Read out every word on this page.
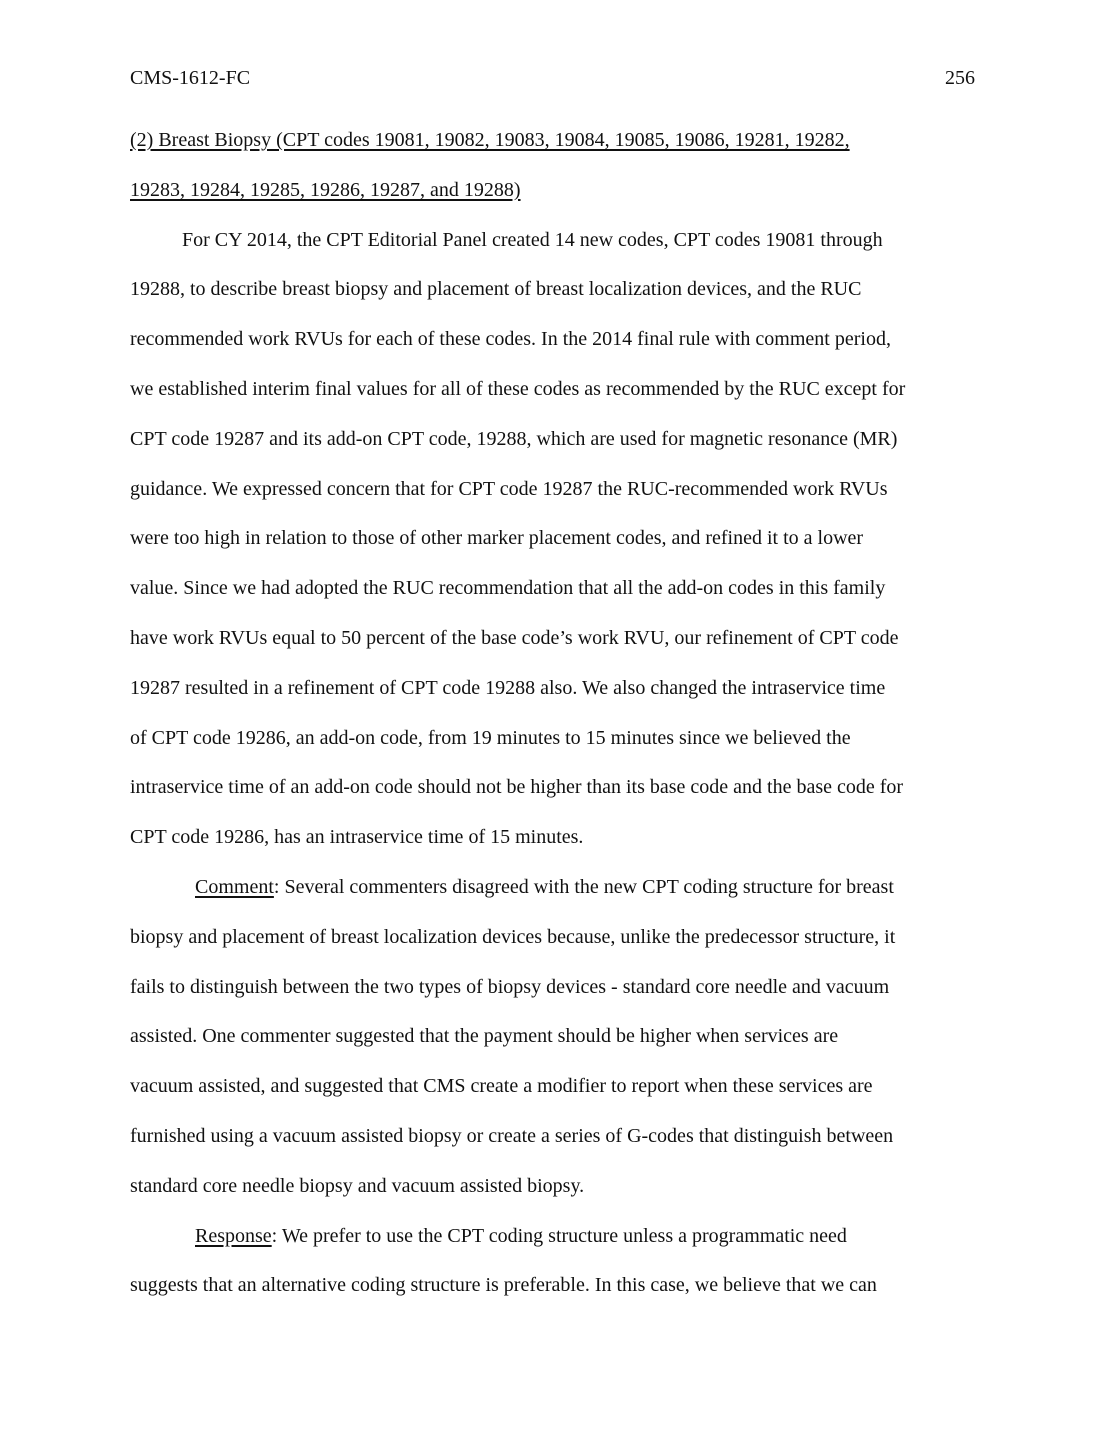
CMS-1612-FC	256
(2) Breast Biopsy (CPT codes 19081, 19082, 19083, 19084, 19085, 19086, 19281, 19282,
19283, 19284, 19285, 19286, 19287, and 19288)
For CY 2014, the CPT Editorial Panel created 14 new codes, CPT codes 19081 through
19288, to describe breast biopsy and placement of breast localization devices, and the RUC
recommended work RVUs for each of these codes. In the 2014 final rule with comment period,
we established interim final values for all of these codes as recommended by the RUC except for
CPT code 19287 and its add-on CPT code, 19288, which are used for magnetic resonance (MR)
guidance. We expressed concern that for CPT code 19287 the RUC-recommended work RVUs
were too high in relation to those of other marker placement codes, and refined it to a lower
value. Since we had adopted the RUC recommendation that all the add-on codes in this family
have work RVUs equal to 50 percent of the base code’s work RVU, our refinement of CPT code
19287 resulted in a refinement of CPT code 19288 also. We also changed the intraservice time
of CPT code 19286, an add-on code, from 19 minutes to 15 minutes since we believed the
intraservice time of an add-on code should not be higher than its base code and the base code for
CPT code 19286, has an intraservice time of 15 minutes.
Comment: Several commenters disagreed with the new CPT coding structure for breast
biopsy and placement of breast localization devices because, unlike the predecessor structure, it
fails to distinguish between the two types of biopsy devices - standard core needle and vacuum
assisted. One commenter suggested that the payment should be higher when services are
vacuum assisted, and suggested that CMS create a modifier to report when these services are
furnished using a vacuum assisted biopsy or create a series of G-codes that distinguish between
standard core needle biopsy and vacuum assisted biopsy.
Response: We prefer to use the CPT coding structure unless a programmatic need
suggests that an alternative coding structure is preferable. In this case, we believe that we can
